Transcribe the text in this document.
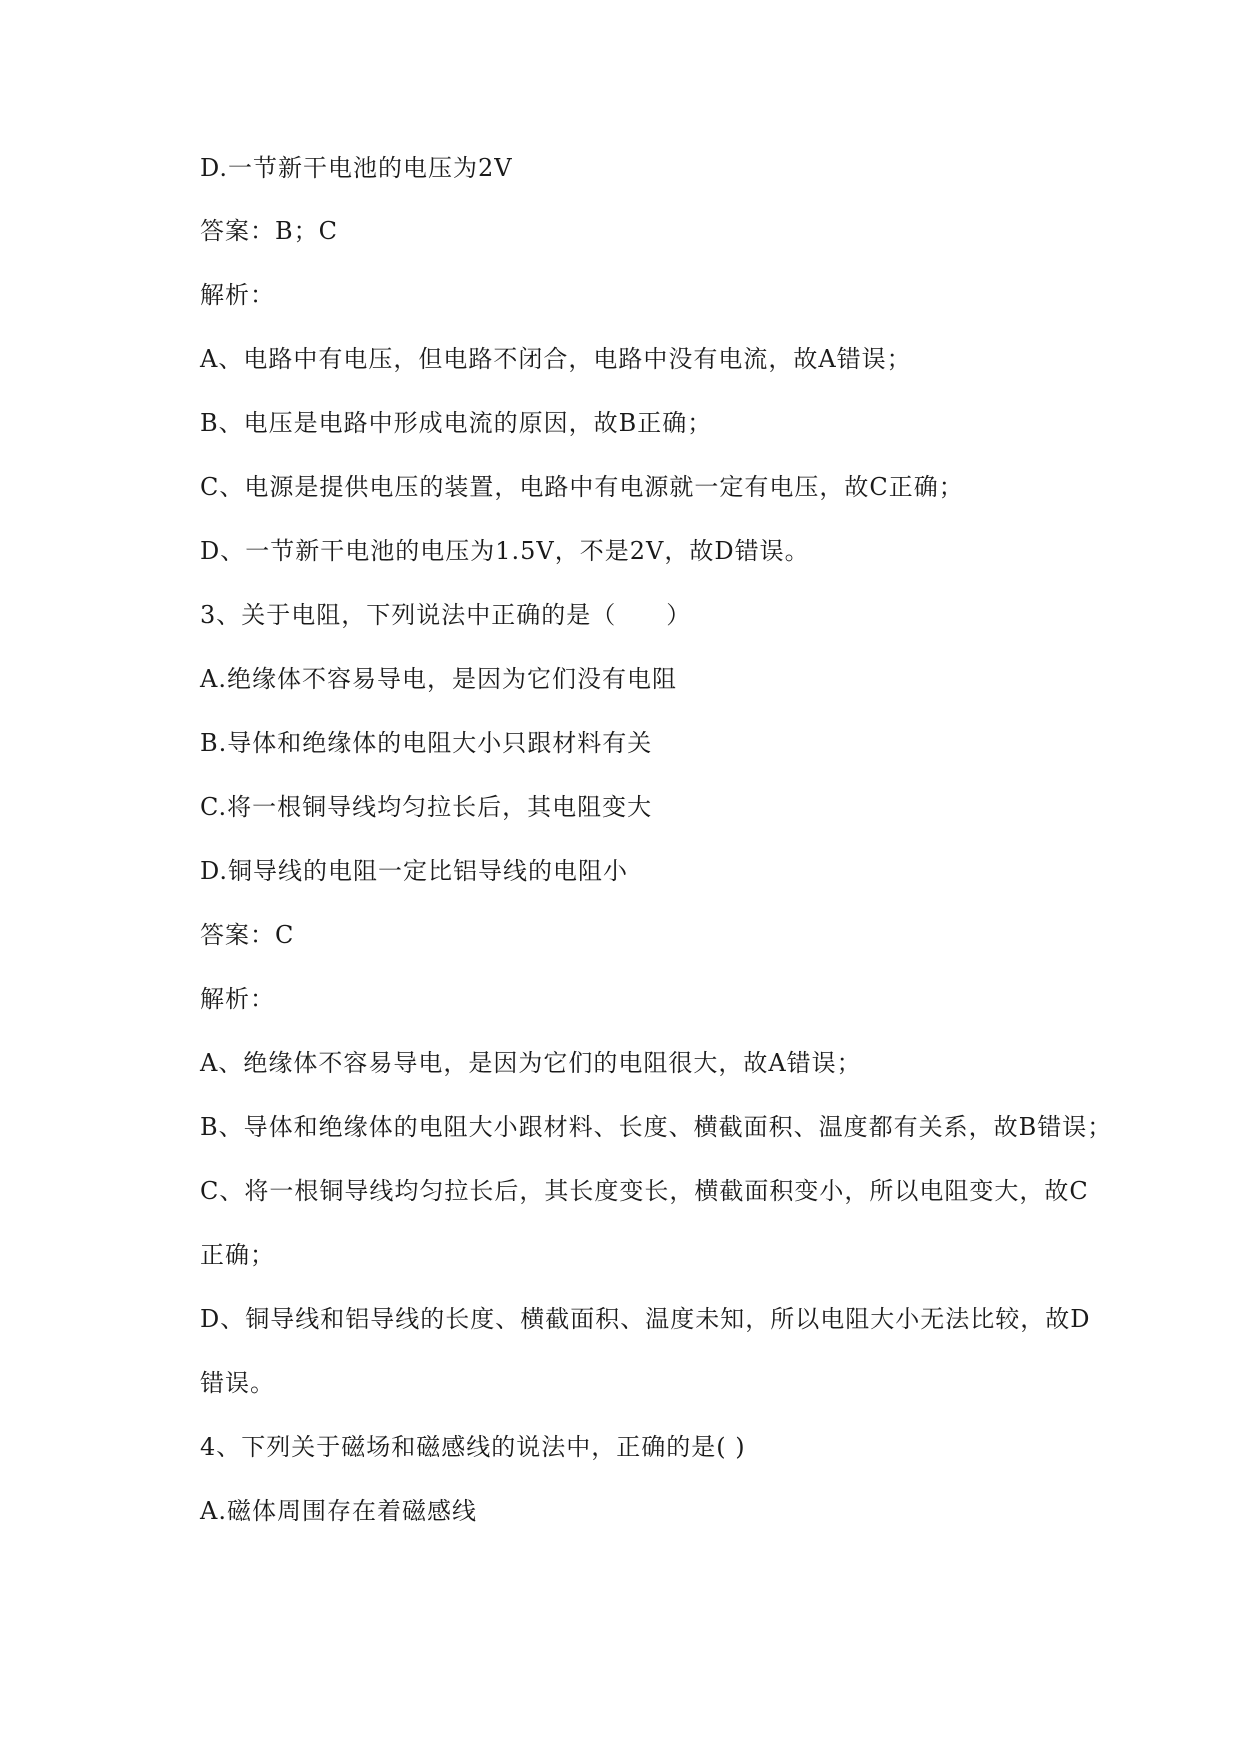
D.一节新干电池的电压为2V
答案：B；C
解析：
A、电路中有电压，但电路不闭合，电路中没有电流，故A错误；
B、电压是电路中形成电流的原因，故B正确；
C、电源是提供电压的装置，电路中有电源就一定有电压，故C正确；
D、一节新干电池的电压为1.5V，不是2V，故D错误。
3、关于电阻，下列说法中正确的是（　　）
A.绝缘体不容易导电，是因为它们没有电阻
B.导体和绝缘体的电阻大小只跟材料有关
C.将一根铜导线均匀拉长后，其电阻变大
D.铜导线的电阻一定比铝导线的电阻小
答案：C
解析：
A、绝缘体不容易导电，是因为它们的电阻很大，故A错误；
B、导体和绝缘体的电阻大小跟材料、长度、横截面积、温度都有关系，故B错误；
C、将一根铜导线均匀拉长后，其长度变长，横截面积变小，所以电阻变大，故C
正确；
D、铜导线和铝导线的长度、横截面积、温度未知，所以电阻大小无法比较，故D
错误。
4、下列关于磁场和磁感线的说法中，正确的是( )
A.磁体周围存在着磁感线
